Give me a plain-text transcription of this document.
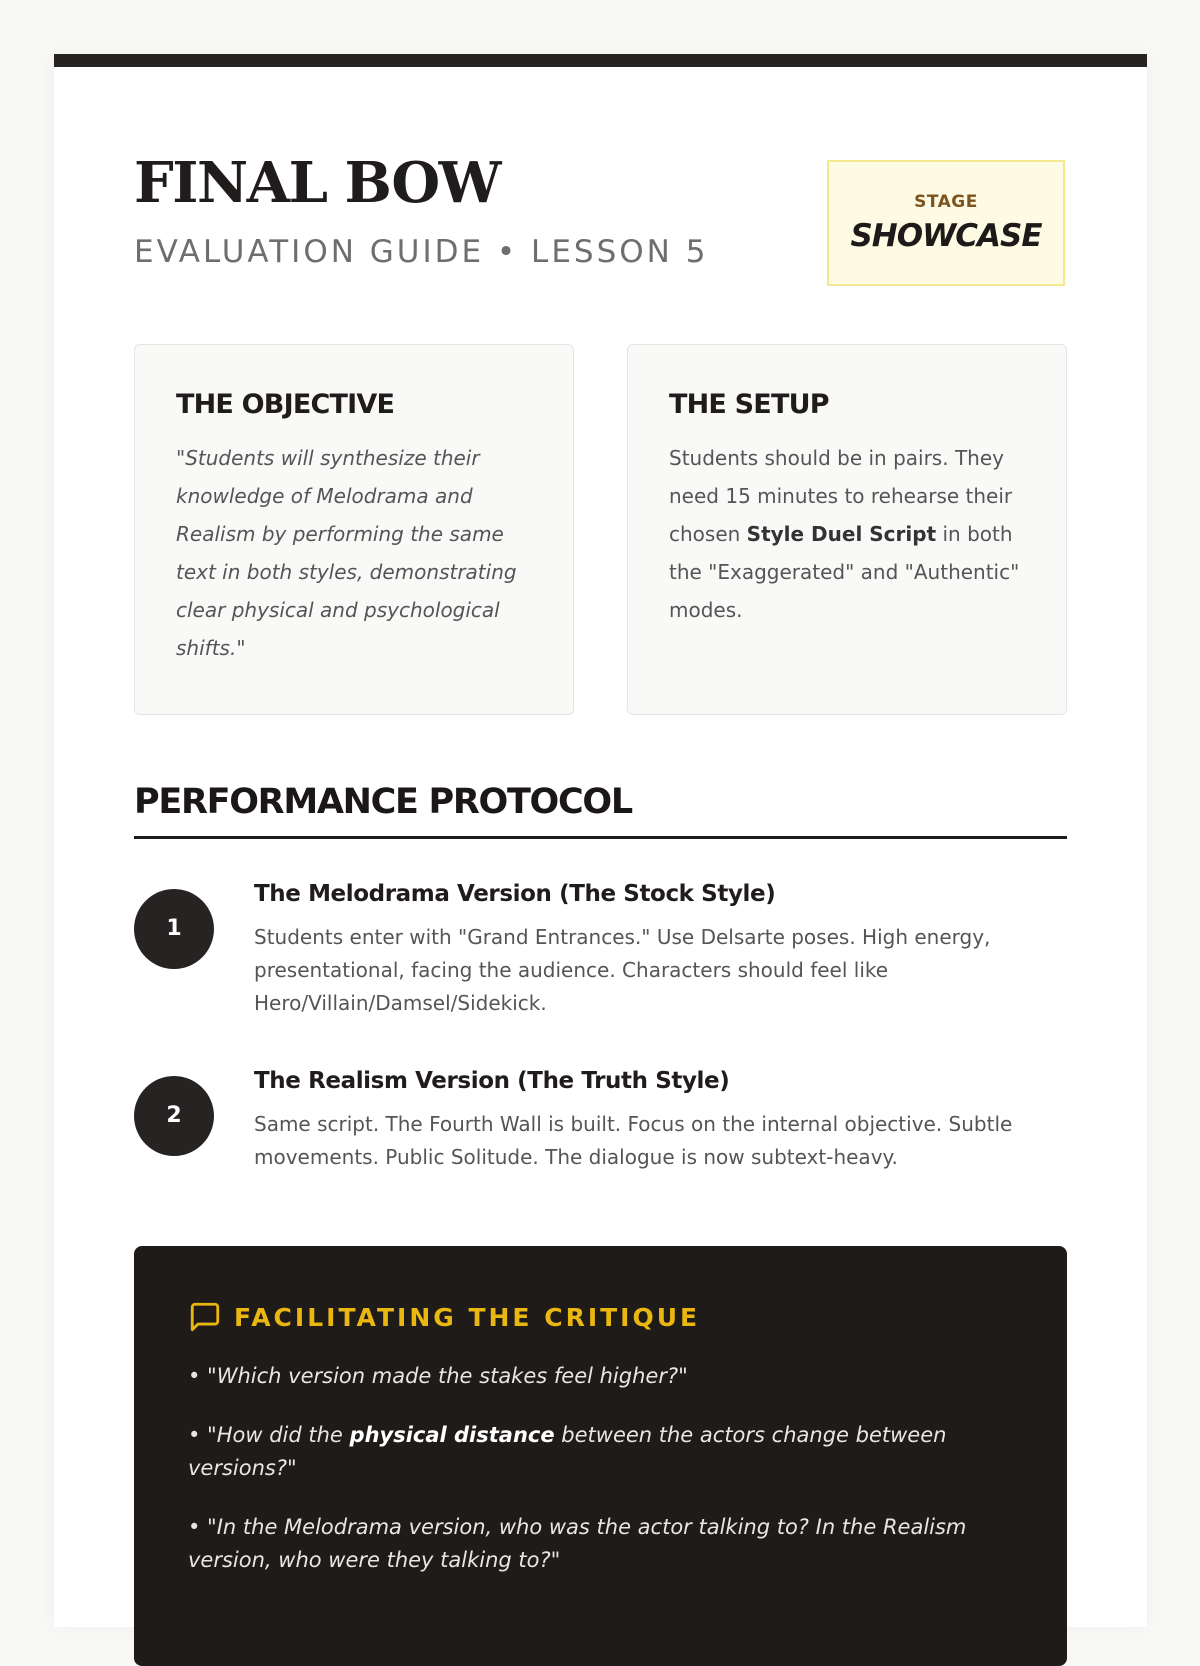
FINAL BOW
EVALUATION GUIDE • LESSON 5
STAGE
SHOWCASE
THE OBJECTIVE

"Students will synthesize their knowledge of Melodrama and Realism by performing the same text in both styles, demonstrating clear physical and psychological shifts."

THE SETUP

Students should be in pairs. They need 15 minutes to rehearse their chosen Style Duel Script in both the "Exaggerated" and "Authentic" modes.

PERFORMANCE PROTOCOL
1
The Melodrama Version (The Stock Style)

Students enter with "Grand Entrances." Use Delsarte poses. High energy, presentational, facing the audience. Characters should feel like Hero/Villain/Damsel/Sidekick.

2
The Realism Version (The Truth Style)

Same script. The Fourth Wall is built. Focus on the internal objective. Subtle movements. Public Solitude. The dialogue is now subtext-heavy.

FACILITATING THE CRITIQUE

• "Which version made the stakes feel higher?"

• "How did the physical distance between the actors change between versions?"

• "In the Melodrama version, who was the actor talking to? In the Realism version, who were they talking to?"
